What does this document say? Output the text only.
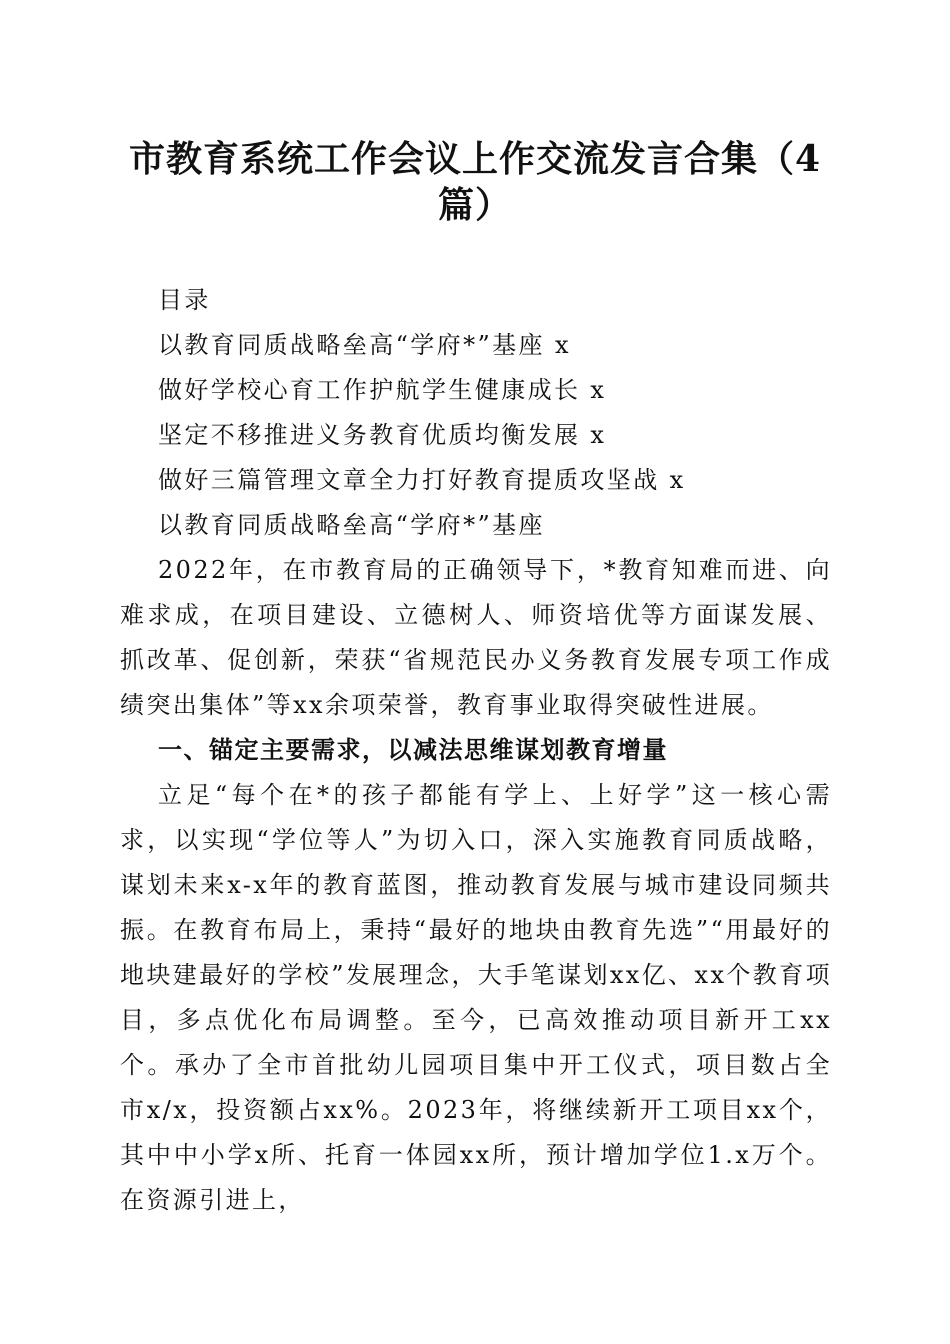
市教育系统工作会议上作交流发言合集（4篇）

目录

以教育同质战略垒高“学府*”基座 x

做好学校心育工作护航学生健康成长 x

坚定不移推进义务教育优质均衡发展 x

做好三篇管理文章全力打好教育提质攻坚战 x

以教育同质战略垒高“学府*”基座

2022年，在市教育局的正确领导下，*教育知难而进、向难求成，在项目建设、立德树人、师资培优等方面谋发展、抓改革、促创新，荣获“省规范民办义务教育发展专项工作成绩突出集体”等xx余项荣誉，教育事业取得突破性进展。

一、锚定主要需求，以减法思维谋划教育增量

立足“每个在*的孩子都能有学上、上好学”这一核心需求，以实现“学位等人”为切入口，深入实施教育同质战略，谋划未来x-x年的教育蓝图，推动教育发展与城市建设同频共振。在教育布局上，秉持“最好的地块由教育先选”“用最好的地块建最好的学校”发展理念，大手笔谋划xx亿、xx个教育项目，多点优化布局调整。至今，已高效推动项目新开工xx个。承办了全市首批幼儿园项目集中开工仪式，项目数占全市x/x，投资额占xx%。2023年，将继续新开工项目xx个，其中中小学x所、托育一体园xx所，预计增加学位1.x万个。在资源引进上，
